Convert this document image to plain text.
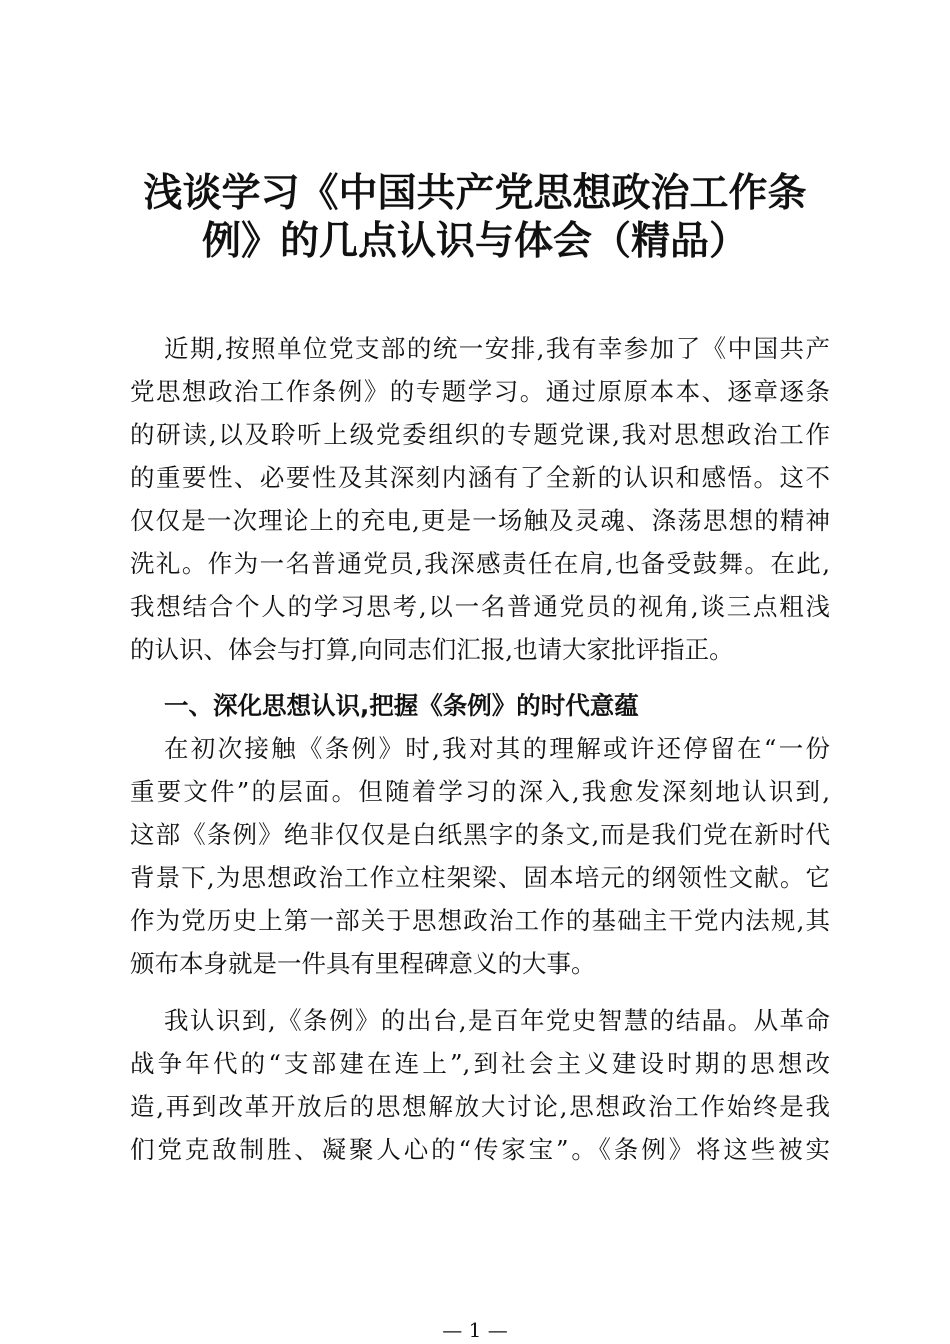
浅谈学习《中国共产党思想政治工作条
例》的几点认识与体会（精品）
近期,按照单位党支部的统一安排,我有幸参加了《中国共产
党思想政治工作条例》的专题学习。通过原原本本、逐章逐条
的研读,以及聆听上级党委组织的专题党课,我对思想政治工作
的重要性、必要性及其深刻内涵有了全新的认识和感悟。这不
仅仅是一次理论上的充电,更是一场触及灵魂、涤荡思想的精神
洗礼。作为一名普通党员,我深感责任在肩,也备受鼓舞。在此,
我想结合个人的学习思考,以一名普通党员的视角,谈三点粗浅
的认识、体会与打算,向同志们汇报,也请大家批评指正。
一、深化思想认识,把握《条例》的时代意蕴
在初次接触《条例》时,我对其的理解或许还停留在“一份
重要文件”的层面。但随着学习的深入,我愈发深刻地认识到,
这部《条例》绝非仅仅是白纸黑字的条文,而是我们党在新时代
背景下,为思想政治工作立柱架梁、固本培元的纲领性文献。它
作为党历史上第一部关于思想政治工作的基础主干党内法规,其
颁布本身就是一件具有里程碑意义的大事。
我认识到,《条例》的出台,是百年党史智慧的结晶。从革命
战争年代的“支部建在连上”,到社会主义建设时期的思想改
造,再到改革开放后的思想解放大讨论,思想政治工作始终是我
们党克敌制胜、凝聚人心的“传家宝”。《条例》将这些被实
— 1 —
